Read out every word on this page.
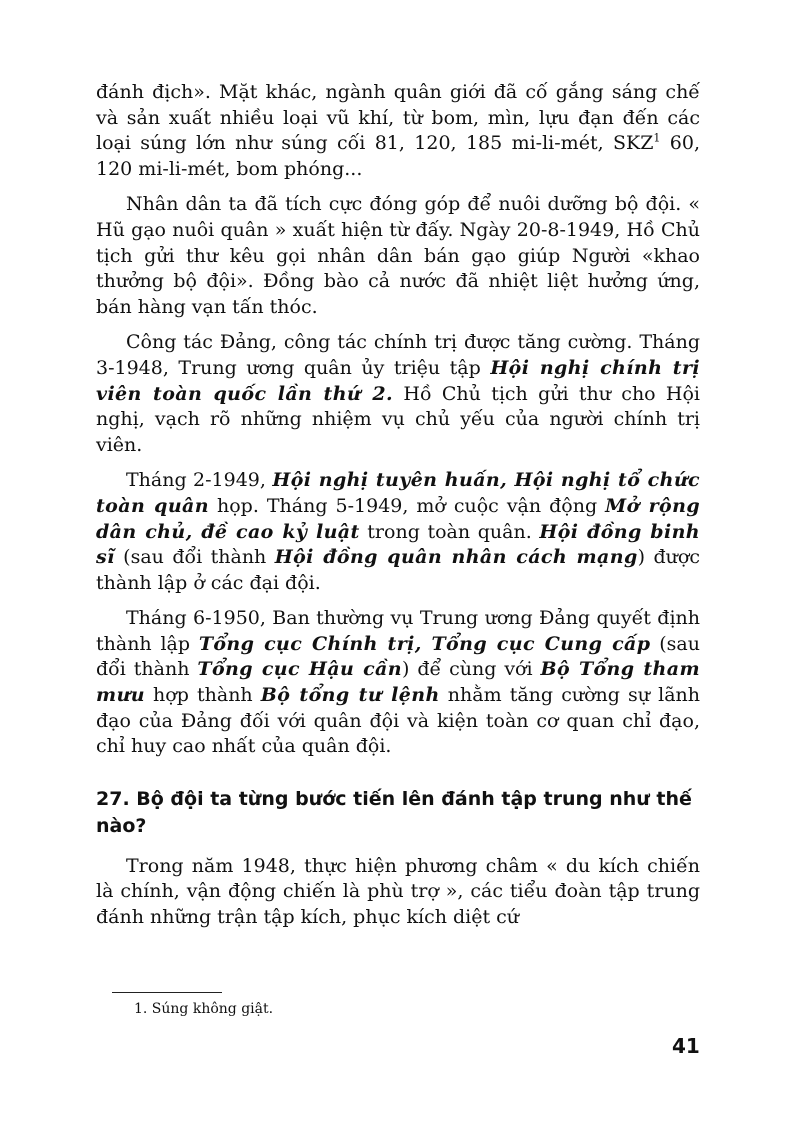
đánh địch». Mặt khác, ngành quân giới đã cố gắng sáng chế và sản xuất nhiều loại vũ khí, từ bom, mìn, lựu đạn đến các loại súng lớn như súng cối 81, 120, 185 mi-li-mét, SKZ$^1$ 60, 120 mi-li-mét, bom phóng...

Nhân dân ta đã tích cực đóng góp để nuôi dưỡng bộ đội. « Hũ gạo nuôi quân » xuất hiện từ đấy. Ngày 20-8-1949, Hồ Chủ tịch gửi thư kêu gọi nhân dân bán gạo giúp Người «khao thưởng bộ đội». Đồng bào cả nước đã nhiệt liệt hưởng ứng, bán hàng vạn tấn thóc.

Công tác Đảng, công tác chính trị được tăng cường. Tháng 3-1948, Trung ương quân ủy triệu tập Hội nghị chính trị viên toàn quốc lần thứ 2. Hồ Chủ tịch gửi thư cho Hội nghị, vạch rõ những nhiệm vụ chủ yếu của người chính trị viên.

Tháng 2-1949, Hội nghị tuyên huấn, Hội nghị tổ chức toàn quân họp. Tháng 5-1949, mở cuộc vận động Mở rộng dân chủ, đề cao kỷ luật trong toàn quân. Hội đồng binh sĩ (sau đổi thành Hội đồng quân nhân cách mạng) được thành lập ở các đại đội.

Tháng 6-1950, Ban thường vụ Trung ương Đảng quyết định thành lập Tổng cục Chính trị, Tổng cục Cung cấp (sau đổi thành Tổng cục Hậu cần) để cùng với Bộ Tổng tham mưu hợp thành Bộ tổng tư lệnh nhằm tăng cường sự lãnh đạo của Đảng đối với quân đội và kiện toàn cơ quan chỉ đạo, chỉ huy cao nhất của quân đội.

27. Bộ đội ta từng bước tiến lên đánh tập trung như thế nào?

Trong năm 1948, thực hiện phương châm « du kích chiến là chính, vận động chiến là phù trợ », các tiểu đoàn tập trung đánh những trận tập kích, phục kích diệt cứ

1. Súng không giật.
41
